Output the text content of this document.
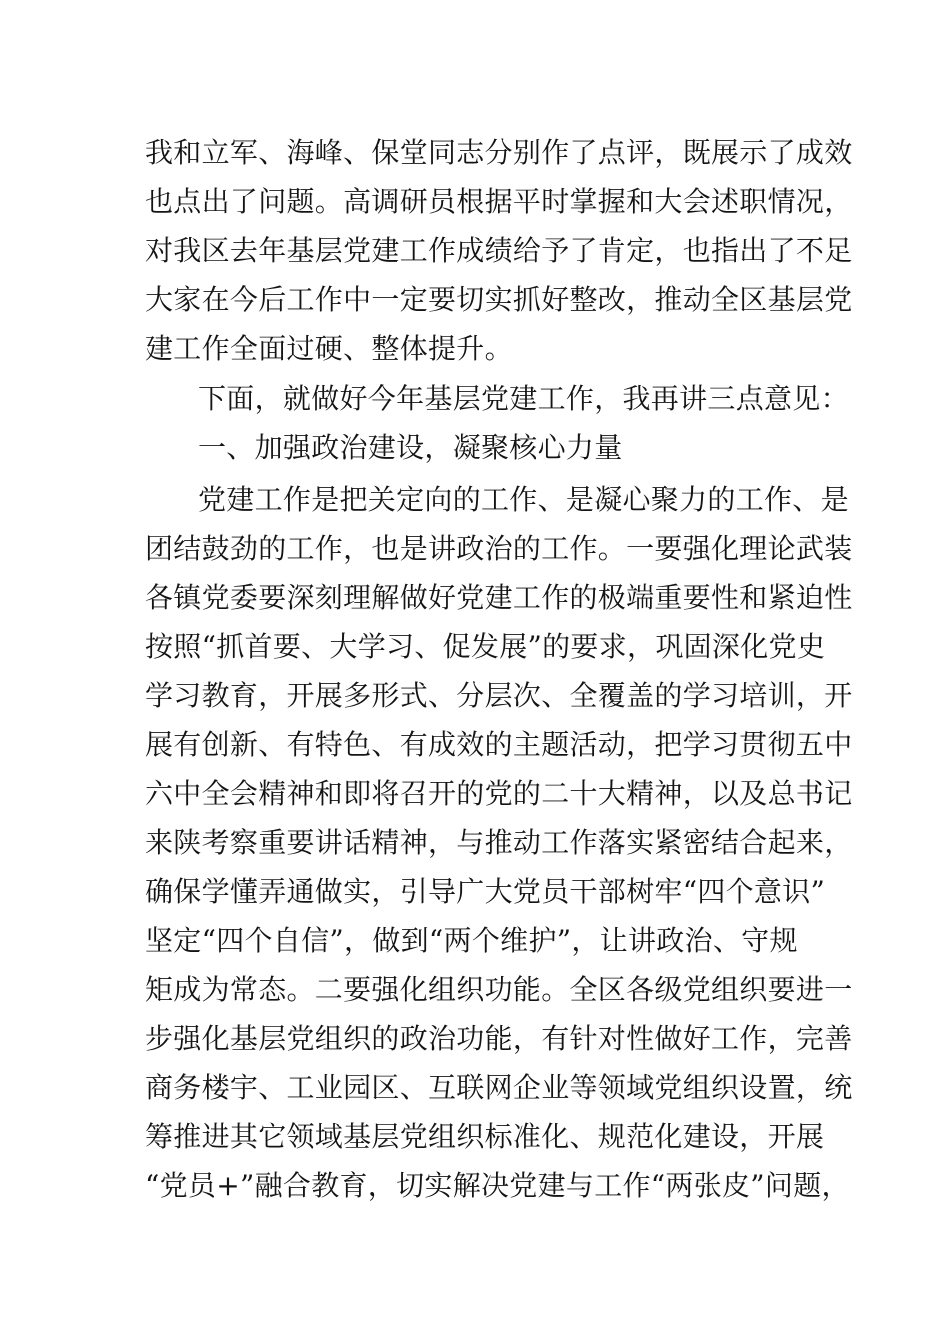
我和立军、海峰、保堂同志分别作了点评，既展示了成效
也点出了问题。高调研员根据平时掌握和大会述职情况，
对我区去年基层党建工作成绩给予了肯定，也指出了不足
大家在今后工作中一定要切实抓好整改，推动全区基层党
建工作全面过硬、整体提升。
下面，就做好今年基层党建工作，我再讲三点意见：
一、加强政治建设，凝聚核心力量
党建工作是把关定向的工作、是凝心聚力的工作、是
团结鼓劲的工作，也是讲政治的工作。一要强化理论武装
各镇党委要深刻理解做好党建工作的极端重要性和紧迫性
按照“抓首要、大学习、促发展”的要求，巩固深化党史
学习教育，开展多形式、分层次、全覆盖的学习培训，开
展有创新、有特色、有成效的主题活动，把学习贯彻五中
六中全会精神和即将召开的党的二十大精神，以及总书记
来陕考察重要讲话精神，与推动工作落实紧密结合起来，
确保学懂弄通做实，引导广大党员干部树牢“四个意识”
坚定“四个自信”，做到“两个维护”，让讲政治、守规
矩成为常态。二要强化组织功能。全区各级党组织要进一
步强化基层党组织的政治功能，有针对性做好工作，完善
商务楼宇、工业园区、互联网企业等领域党组织设置，统
筹推进其它领域基层党组织标准化、规范化建设，开展
“党员+”融合教育，切实解决党建与工作“两张皮”问题，
